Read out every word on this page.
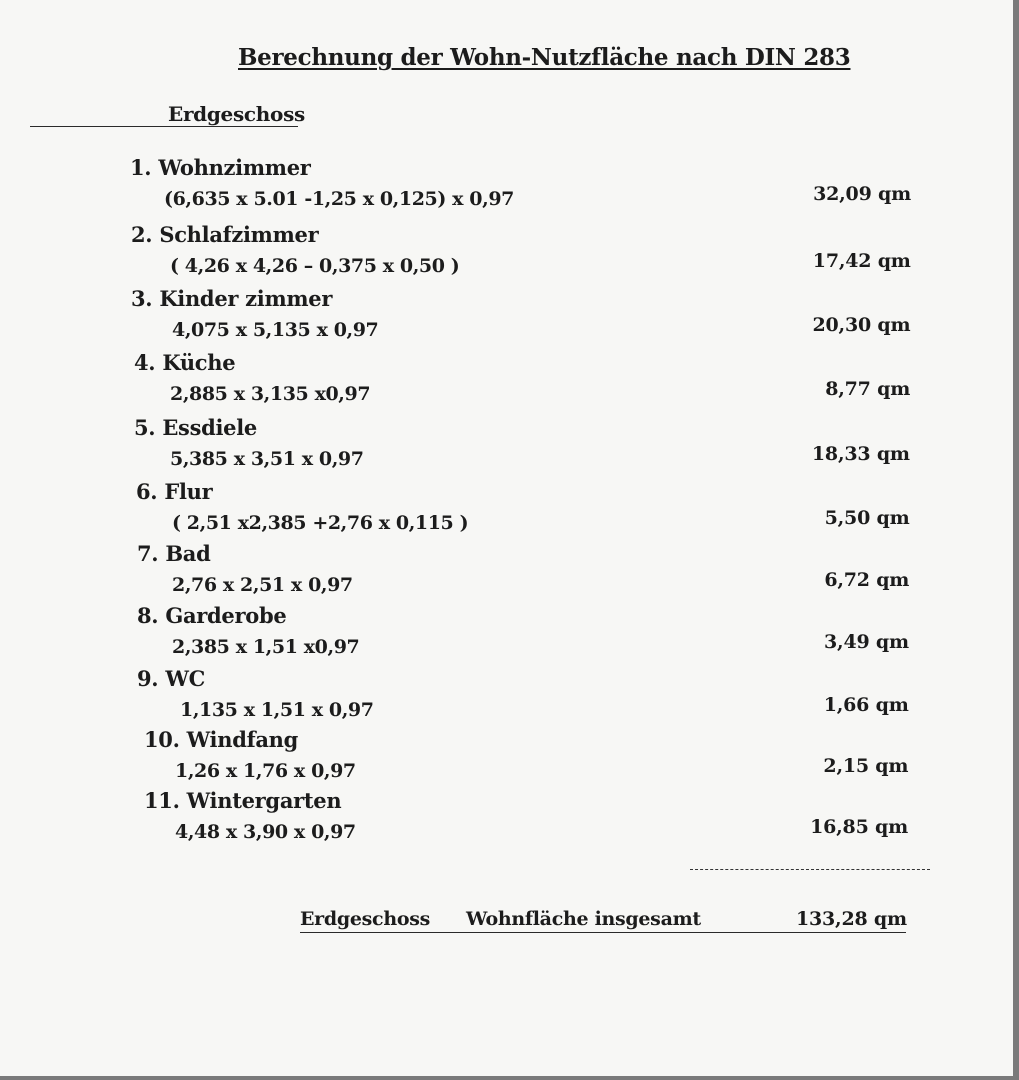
Berechnung der Wohn-Nutzfläche nach DIN 283
Erdgeschoss
1. Wohnzimmer
(6,635 x 5.01 -1,25 x 0,125) x 0,97	32,09 qm
2. Schlafzimmer
( 4,26 x 4,26 – 0,375 x 0,50 )	17,42 qm
3. Kinder zimmer
4,075 x 5,135 x 0,97	20,30 qm
4. Küche
2,885 x 3,135 x0,97	8,77 qm
5. Essdiele
5,385 x 3,51 x 0,97	18,33 qm
6. Flur
( 2,51 x2,385 +2,76 x 0,115 )	5,50 qm
7. Bad
2,76 x 2,51 x 0,97	6,72 qm
8. Garderobe
2,385 x 1,51 x0,97	3,49 qm
9. WC
1,135 x 1,51 x 0,97	1,66 qm
10. Windfang
1,26 x 1,76 x 0,97	2,15 qm
11. Wintergarten
4,48 x 3,90 x 0,97	16,85 qm
Erdgeschoss Wohnfläche insgesamt	133,28 qm
